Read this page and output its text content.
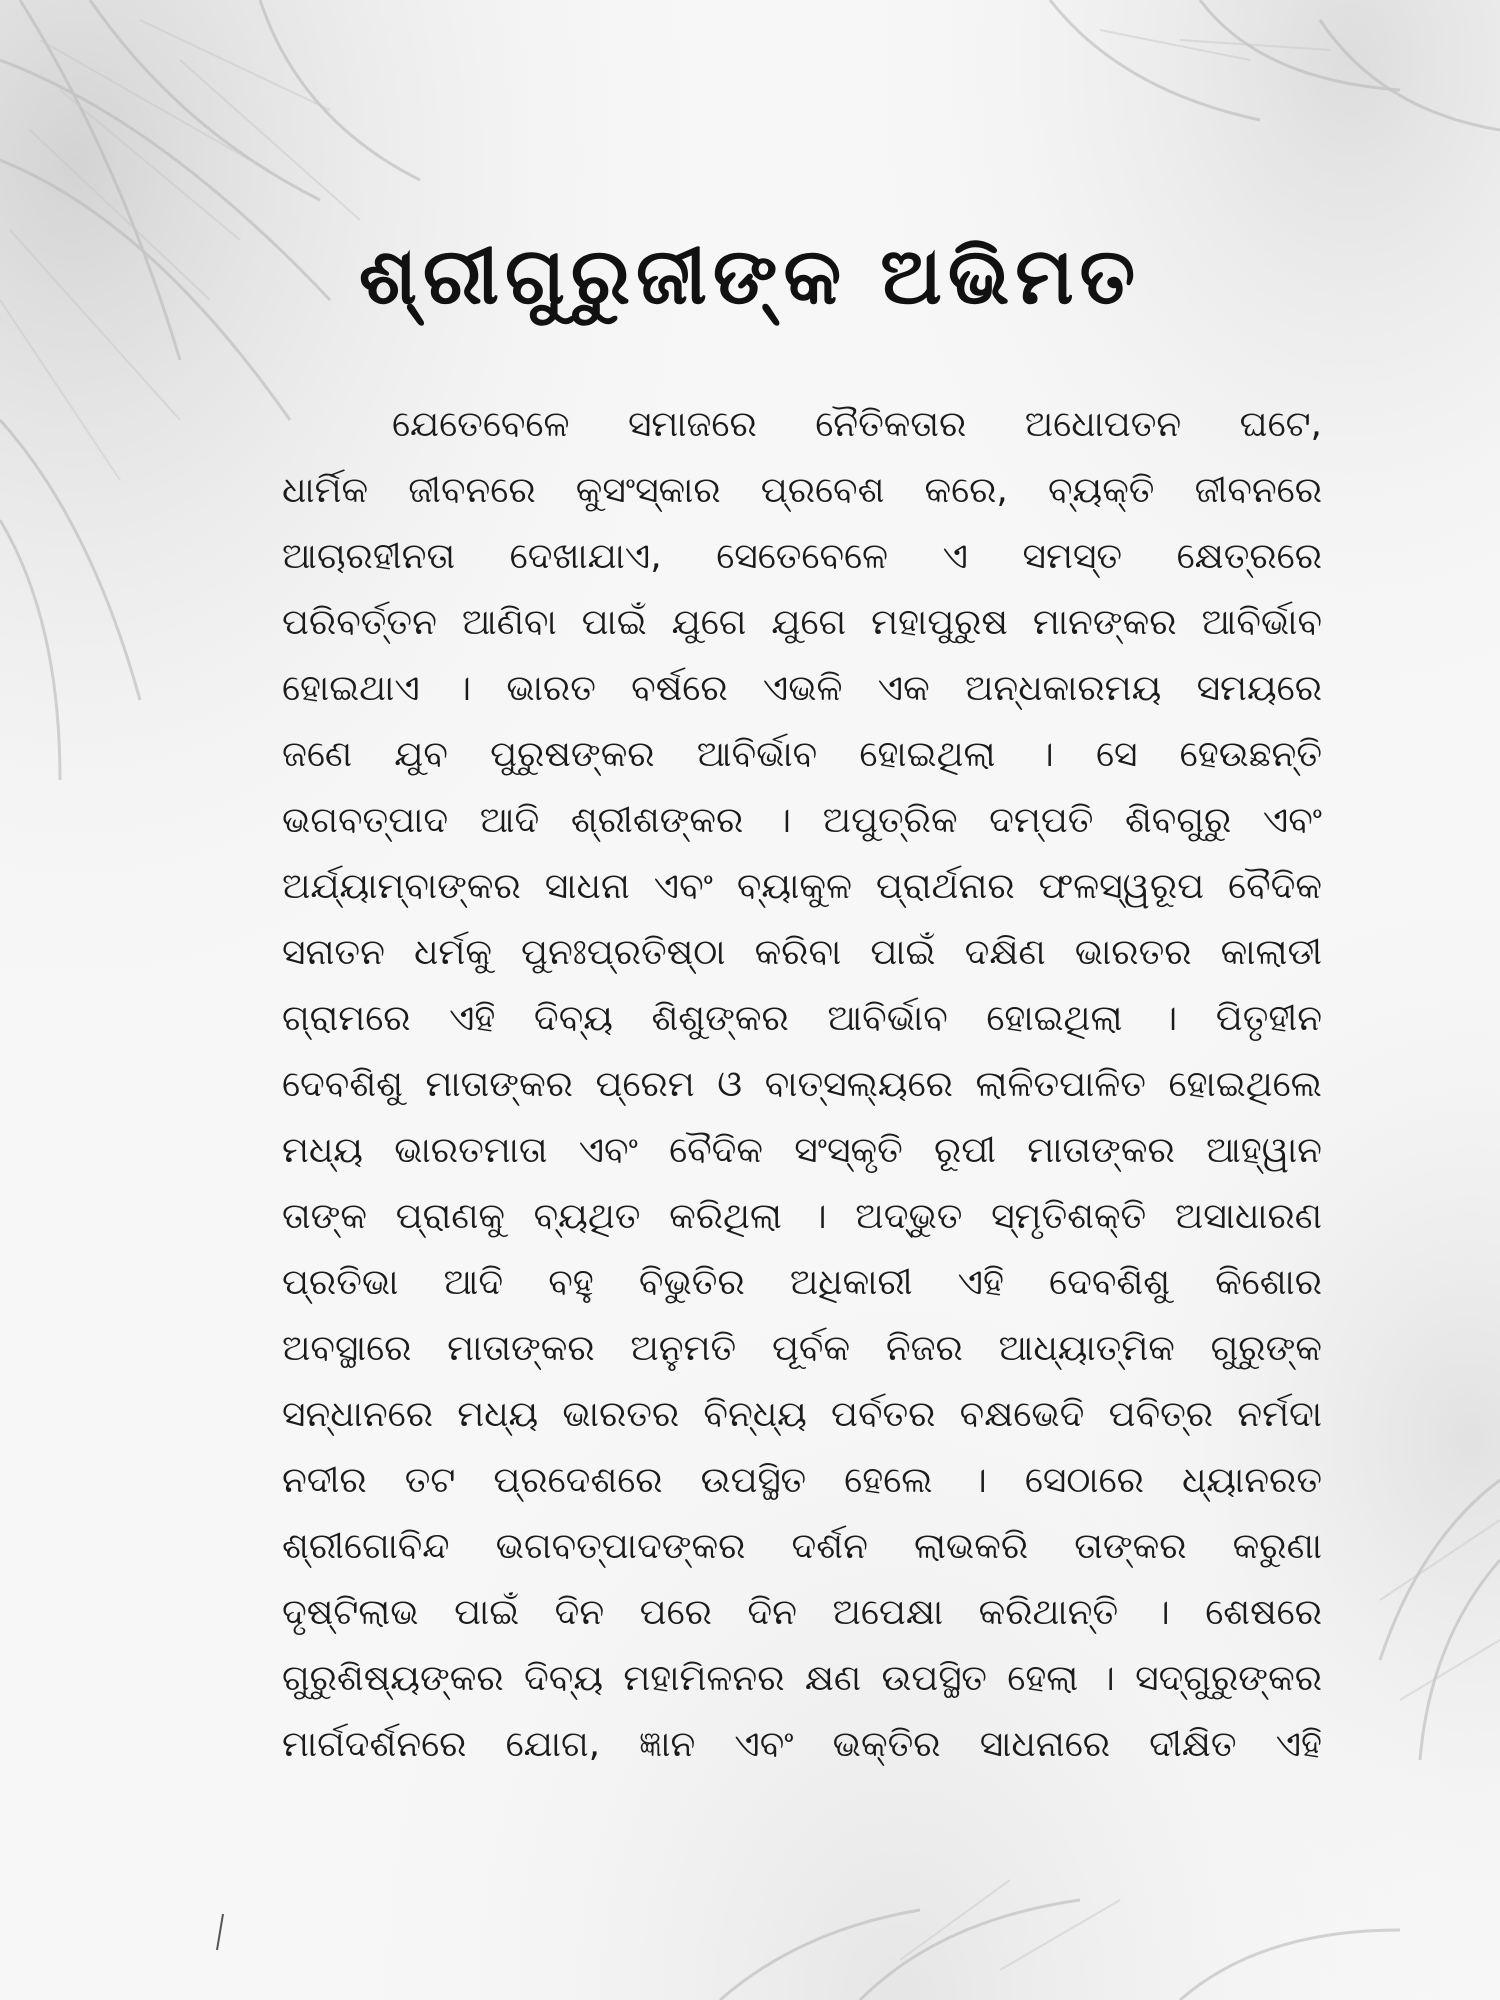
ଶ୍ରୀଗୁରୁଜୀଙ୍କ ଅଭିମତ
ଯେତେବେଳେ ସମାଜରେ ନୈତିକତାର ଅଧୋପତନ ଘଟେ,
ଧାର୍ମିକ ଜୀବନରେ କୁସଂସ୍କାର ପ୍ରବେଶ କରେ, ବ୍ୟକ୍ତି ଜୀବନରେ
ଆଚାରହୀନତା ଦେଖାଯାଏ, ସେତେବେଳେ ଏ ସମସ୍ତ କ୍ଷେତ୍ରରେ
ପରିବର୍ତ୍ତନ ଆଣିବା ପାଇଁ ଯୁଗେ ଯୁଗେ ମହାପୁରୁଷ ମାନଙ୍କର ଆବିର୍ଭାବ
ହୋଇଥାଏ । ଭାରତ ବର୍ଷରେ ଏଭଳି ଏକ ଅନ୍ଧକାରମୟ ସମୟରେ
ଜଣେ ଯୁବ ପୁରୁଷଙ୍କର ଆବିର୍ଭାବ ହୋଇଥିଲା । ସେ ହେଉଛନ୍ତି
ଭଗବତ୍‌ପାଦ ଆଦି ଶ୍ରୀଶଙ୍କର । ଅପୁତ୍ରିକ ଦମ୍ପତି ଶିବଗୁରୁ ଏବଂ
ଅର୍ଯ୍ୟାମ୍ବାଙ୍କର ସାଧନା ଏବଂ ବ୍ୟାକୁଳ ପ୍ରାର୍ଥନାର ଫଳସ୍ୱରୂପ ବୈଦିକ
ସନାତନ ଧର୍ମକୁ ପୁନଃପ୍ରତିଷ୍ଠା କରିବା ପାଇଁ ଦକ୍ଷିଣ ଭାରତର କାଲାଡୀ
ଗ୍ରାମରେ ଏହି ଦିବ୍ୟ ଶିଶୁଙ୍କର ଆବିର୍ଭାବ ହୋଇଥିଲା । ପିତୃହୀନ
ଦେବଶିଶୁ ମାତାଙ୍କର ପ୍ରେମ ଓ ବାତ୍ସଲ୍ୟରେ ଲାଳିତପାଳିତ ହୋଇଥିଲେ
ମଧ୍ୟ ଭାରତମାତା ଏବଂ ବୈଦିକ ସଂସ୍କୃତି ରୂପୀ ମାତାଙ୍କର ଆହ୍ୱାନ
ତାଙ୍କ ପ୍ରାଣକୁ ବ୍ୟଥିତ କରିଥିଲା । ଅଦ୍ଭୁତ ସ୍ମୃତିଶକ୍ତି ଅସାଧାରଣ
ପ୍ରତିଭା ଆଦି ବହୁ ବିଭୁତିର ଅଧିକାରୀ ଏହି ଦେବଶିଶୁ କିଶୋର
ଅବସ୍ଥାରେ ମାତାଙ୍କର ଅନୁମତି ପୂର୍ବକ ନିଜର ଆଧ୍ୟାତ୍ମିକ ଗୁରୁଙ୍କ
ସନ୍ଧାନରେ ମଧ୍ୟ ଭାରତର ବିନ୍ଧ୍ୟ ପର୍ବତର ବକ୍ଷଭେଦି ପବିତ୍ର ନର୍ମଦା
ନଦୀର ତଟ ପ୍ରଦେଶରେ ଉପସ୍ଥିତ ହେଲେ । ସେଠାରେ ଧ୍ୟାନରତ
ଶ୍ରୀଗୋବିନ୍ଦ ଭଗବତ୍‌ପାଦଙ୍କର ଦର୍ଶନ ଲାଭକରି ତାଙ୍କର କରୁଣା
ଦୃଷ୍ଟିଲାଭ ପାଇଁ ଦିନ ପରେ ଦିନ ଅପେକ୍ଷା କରିଥାନ୍ତି । ଶେଷରେ
ଗୁରୁଶିଷ୍ୟଙ୍କର ଦିବ୍ୟ ମହାମିଳନର କ୍ଷଣ ଉପସ୍ଥିତ ହେଲା । ସଦ୍‌ଗୁରୁଙ୍କର
ମାର୍ଗଦର୍ଶନରେ ଯୋଗ, ଜ୍ଞାନ ଏବଂ ଭକ୍ତିର ସାଧନାରେ ଦୀକ୍ଷିତ ଏହି
